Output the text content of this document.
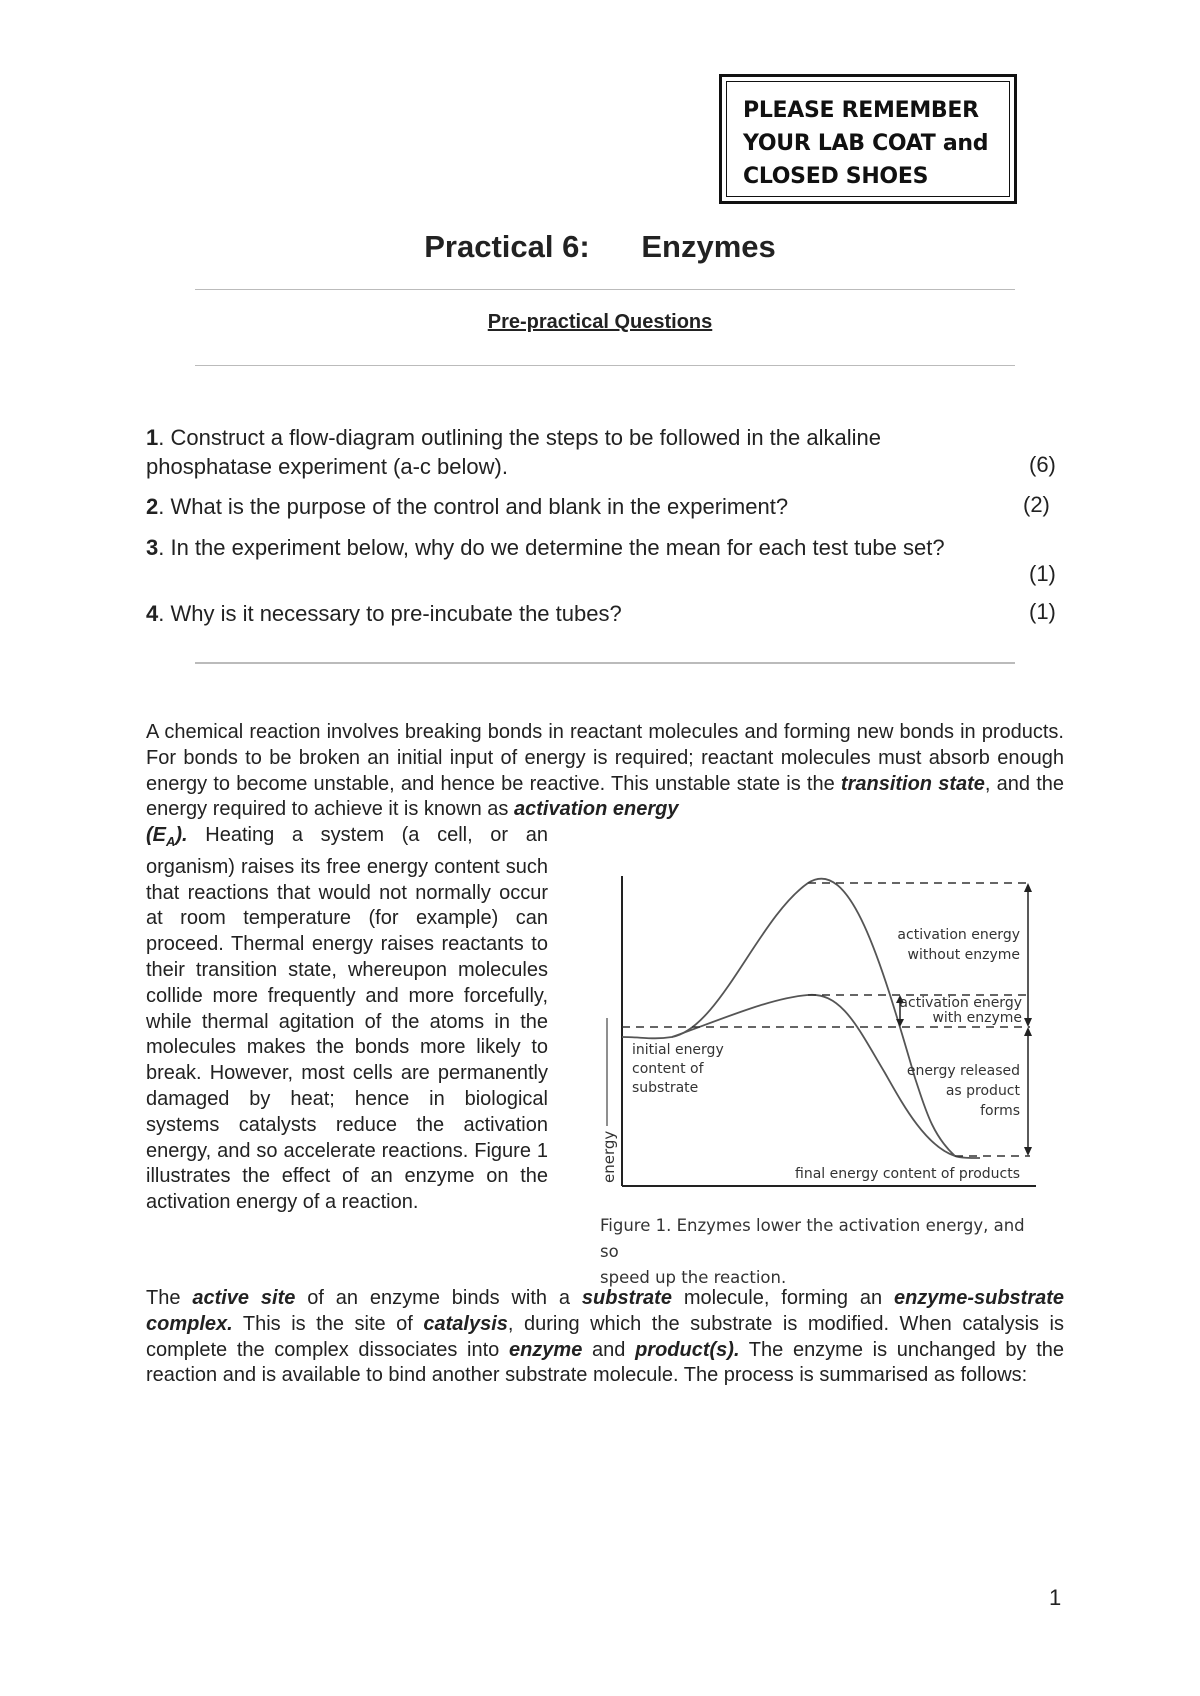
PLEASE REMEMBER
YOUR LAB COAT and
CLOSED SHOES
Practical 6:      Enzymes
Pre-practical Questions
1. Construct a flow-diagram outlining the steps to be followed in the alkaline phosphatase experiment (a-c below).	(6)
2. What is the purpose of the control and blank in the experiment?	(2)
3. In the experiment below, why do we determine the mean for each test tube set?
(1)
4. Why is it necessary to pre-incubate the tubes?	(1)
A chemical reaction involves breaking bonds in reactant molecules and forming new bonds in products. For bonds to be broken an initial input of energy is required; reactant molecules must absorb enough energy to become unstable, and hence be reactive. This unstable state is the transition state, and the energy required to achieve it is known as activation energy
$(E_A)$. Heating a system (a cell, or an organism) raises its free energy content such that reactions that would not normally occur at room temperature (for example) can proceed. Thermal energy raises reactants to their transition state, whereupon molecules collide more frequently and more forcefully, while thermal agitation of the atoms in the molecules makes the bonds more likely to break. However, most cells are permanently damaged by heat; hence in biological systems catalysts reduce the activation energy, and so accelerate reactions. Figure 1 illustrates the effect of an enzyme on the activation energy of a reaction.
energy
activation energy
without enzyme
activation energy
with enzyme
initial energy
content of
substrate
energy released
as product
forms
final energy content of products
Figure 1. Enzymes lower the activation energy, and so
speed up the reaction.
The active site of an enzyme binds with a substrate molecule, forming an enzyme-substrate complex. This is the site of catalysis, during which the substrate is modified. When catalysis is complete the complex dissociates into enzyme and product(s). The enzyme is unchanged by the reaction and is available to bind another substrate molecule. The process is summarised as follows:
1
